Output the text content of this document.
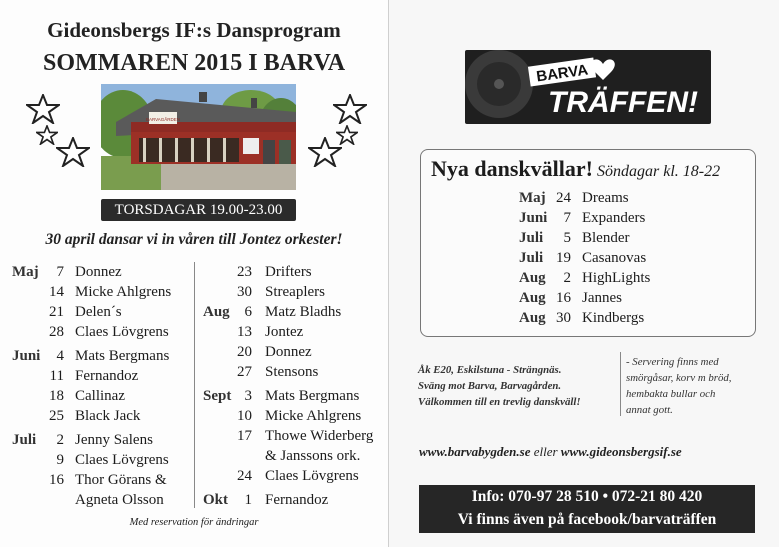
Gideonsbergs IF:s Dansprogram
SOMMAREN 2015 I BARVA
BARVAGÅRDEN
TORSDAGAR 19.00-23.00
30 april dansar vi in våren till Jontez orkester!
Maj	7 Donnez
14 Micke Ahlgrens
21 Delen´s
28 Claes Lövgrens
Juni	4 Mats Bergmans
11 Fernandoz
18 Callinaz
25 Black Jack
Juli	2 Jenny Salens
9 Claes Lövgrens
16 Thor Görans &
Agneta Olsson
23 Drifters
30 Streaplers
Aug 6 Matz Bladhs
13 Jontez
20 Donnez
27 Stensons
Sept 3 Mats Bergmans
10 Micke Ahlgrens
17 Thowe Widerberg
& Janssons ork.
24 Claes Lövgrens
Okt	1 Fernandoz
Med reservation för ändringar
BARVA
TRÄFFEN!
Nya danskvällar! Söndagar kl. 18-22
Maj 24 Dreams
Juni	7 Expanders
Juli	5 Blender
Juli 19 Casanovas
Aug	2 HighLights
Aug 16 Jannes
Aug 30 Kindbergs
Åk E20, Eskilstuna - Strängnäs.
Sväng mot Barva, Barvagården.
Välkommen till en trevlig danskväll!
- Servering finns med
smörgåsar, korv m bröd,
hembakta bullar och
annat gott.
www.barvabygden.se eller www.gideonsbergsif.se
Info: 070-97 28 510 • 072-21 80 420
Vi finns även på facebook/barvaträffen
